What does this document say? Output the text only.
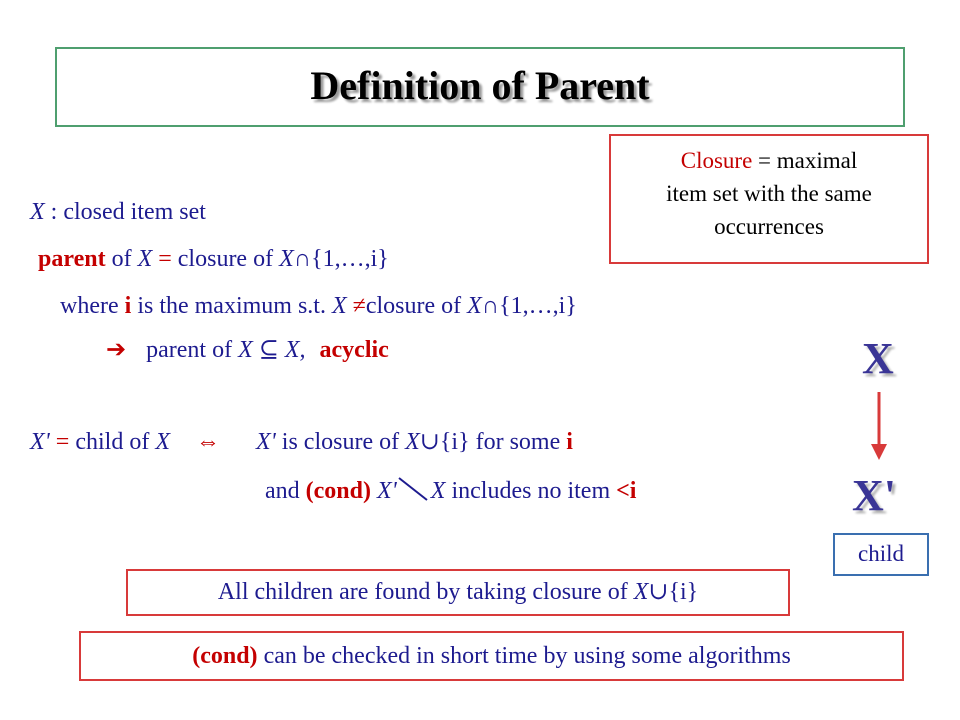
Definition of Parent
Closure = maximal
item set with the same
occurrences
X : closed item set
parent of X = closure of X∩{1,…,i}
where i is the maximum s.t. X ≠closure of X∩{1,…,i}
➔ parent of X ⊆ X, acyclic
X' = child of X ⇔ X' is closure of X∪{i} for some i
and (cond) X' X includes no item <i
X
X'
child
All children are found by taking closure of X∪{i}
(cond) can be checked in short time by using some algorithms
